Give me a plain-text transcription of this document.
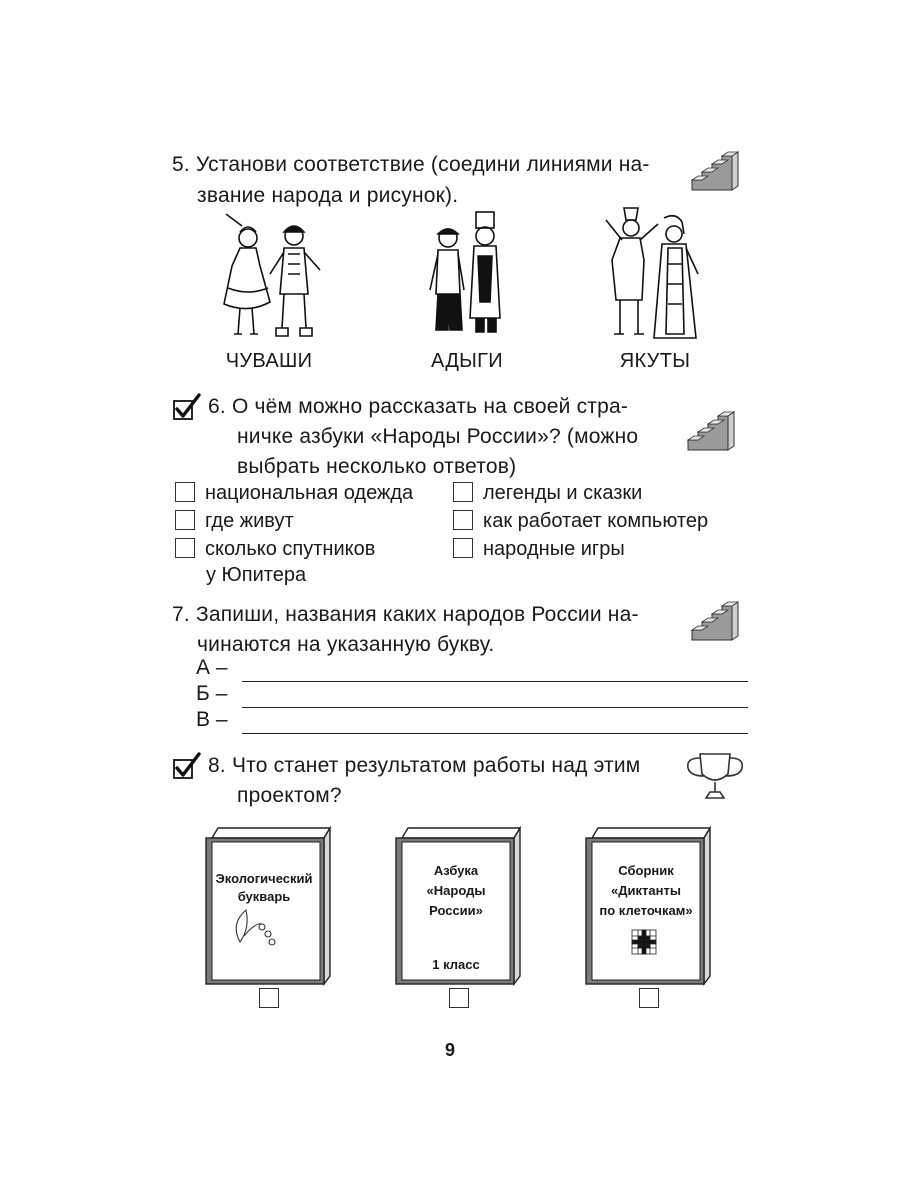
5. Установи соответствие (соедини линиями на-
звание народа и рисунок).
ЧУВАШИ	АДЫГИ	ЯКУТЫ
6. О чём можно рассказать на своей стра-
ничке азбуки «Народы России»? (можно
выбрать несколько ответов)
национальная одежда
где живут
сколько спутников
у Юпитера
легенды и сказки
как работает компьютер
народные игры
7. Запиши, названия каких народов России на-
чинаются на указанную букву.
А –
Б –
В –
8. Что станет результатом работы над этим
проектом?
Экологический
букварь
Азбука
«Народы
России»
1 класс
Сборник
«Диктанты
по клеточкам»
9
